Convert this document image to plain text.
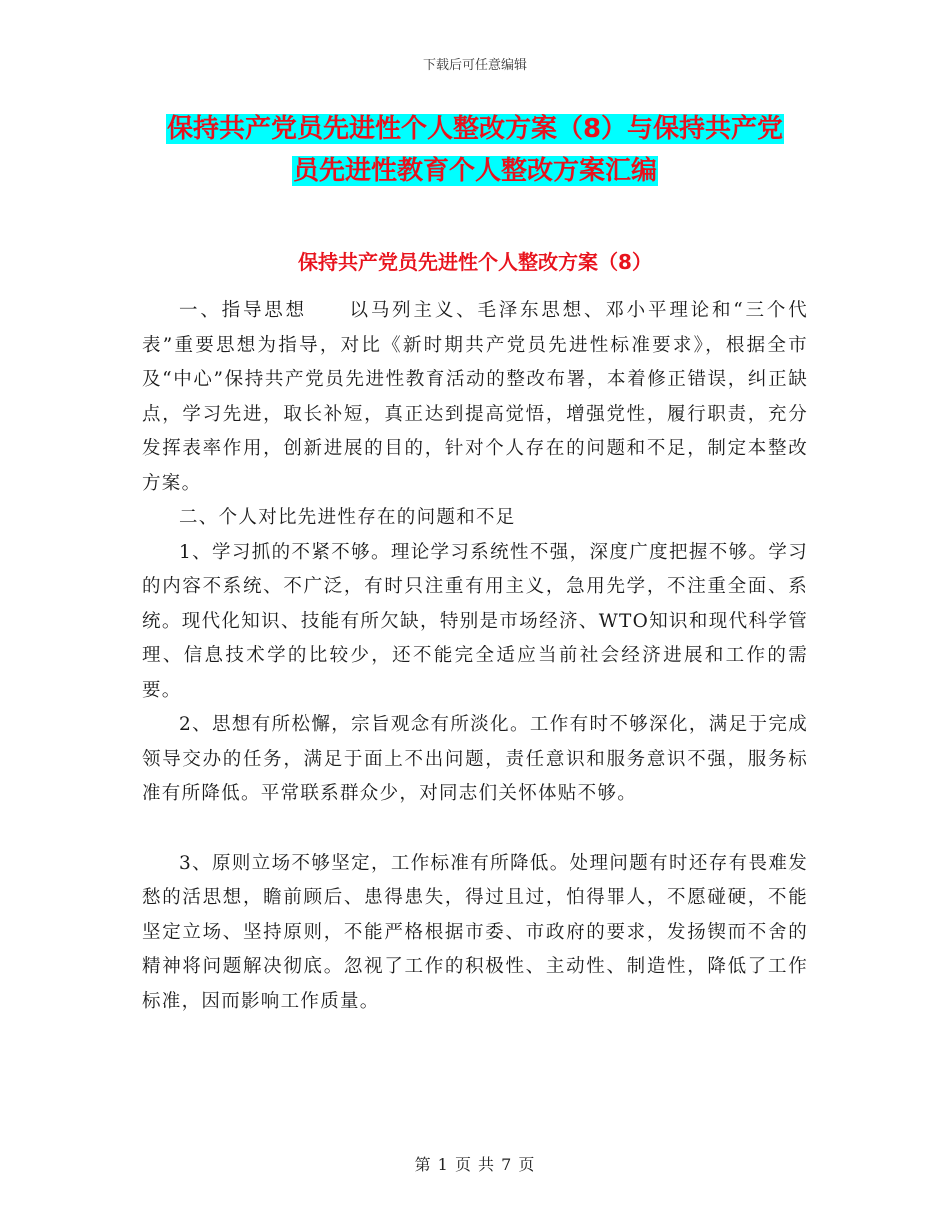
下载后可任意编辑
保持共产党员先进性个人整改方案（8）与保持共产党
员先进性教育个人整改方案汇编
保持共产党员先进性个人整改方案（8）

一、指导思想　　以马列主义、毛泽东思想、邓小平理论和“三个代表”重要思想为指导，对比《新时期共产党员先进性标准要求》，根据全市及“中心”保持共产党员先进性教育活动的整改布署，本着修正错误，纠正缺点，学习先进，取长补短，真正达到提高觉悟，增强党性，履行职责，充分发挥表率作用，创新进展的目的，针对个人存在的问题和不足，制定本整改方案。

二、个人对比先进性存在的问题和不足

1、学习抓的不紧不够。理论学习系统性不强，深度广度把握不够。学习的内容不系统、不广泛，有时只注重有用主义，急用先学，不注重全面、系统。现代化知识、技能有所欠缺，特别是市场经济、WTO知识和现代科学管理、信息技术学的比较少，还不能完全适应当前社会经济进展和工作的需要。

2、思想有所松懈，宗旨观念有所淡化。工作有时不够深化，满足于完成领导交办的任务，满足于面上不出问题，责任意识和服务意识不强，服务标准有所降低。平常联系群众少，对同志们关怀体贴不够。

3、原则立场不够坚定，工作标准有所降低。处理问题有时还存有畏难发愁的活思想，瞻前顾后、患得患失，得过且过，怕得罪人，不愿碰硬，不能坚定立场、坚持原则，不能严格根据市委、市政府的要求，发扬锲而不舍的精神将问题解决彻底。忽视了工作的积极性、主动性、制造性，降低了工作标准，因而影响工作质量。

第 1 页 共 7 页
